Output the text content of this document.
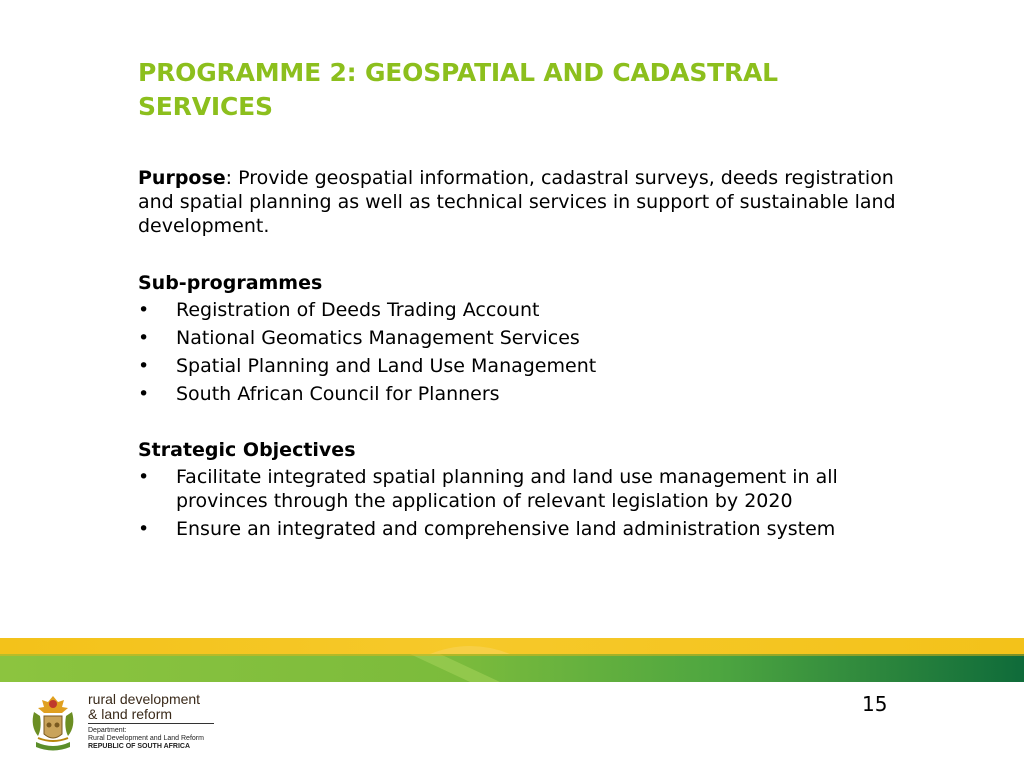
PROGRAMME 2: GEOSPATIAL AND CADASTRAL SERVICES

Purpose: Provide geospatial information, cadastral surveys, deeds registration and spatial planning as well as technical services in support of sustainable land development.

Sub-programmes

• Registration of Deeds Trading Account
• National Geomatics Management Services
• Spatial Planning and Land Use Management
• South African Council for Planners

Strategic Objectives

• Facilitate integrated spatial planning and land use management in all provinces through the application of relevant legislation by 2020
• Ensure an integrated and comprehensive land administration system
15
rural development
& land reform
Department:
Rural Development and Land Reform
REPUBLIC OF SOUTH AFRICA
